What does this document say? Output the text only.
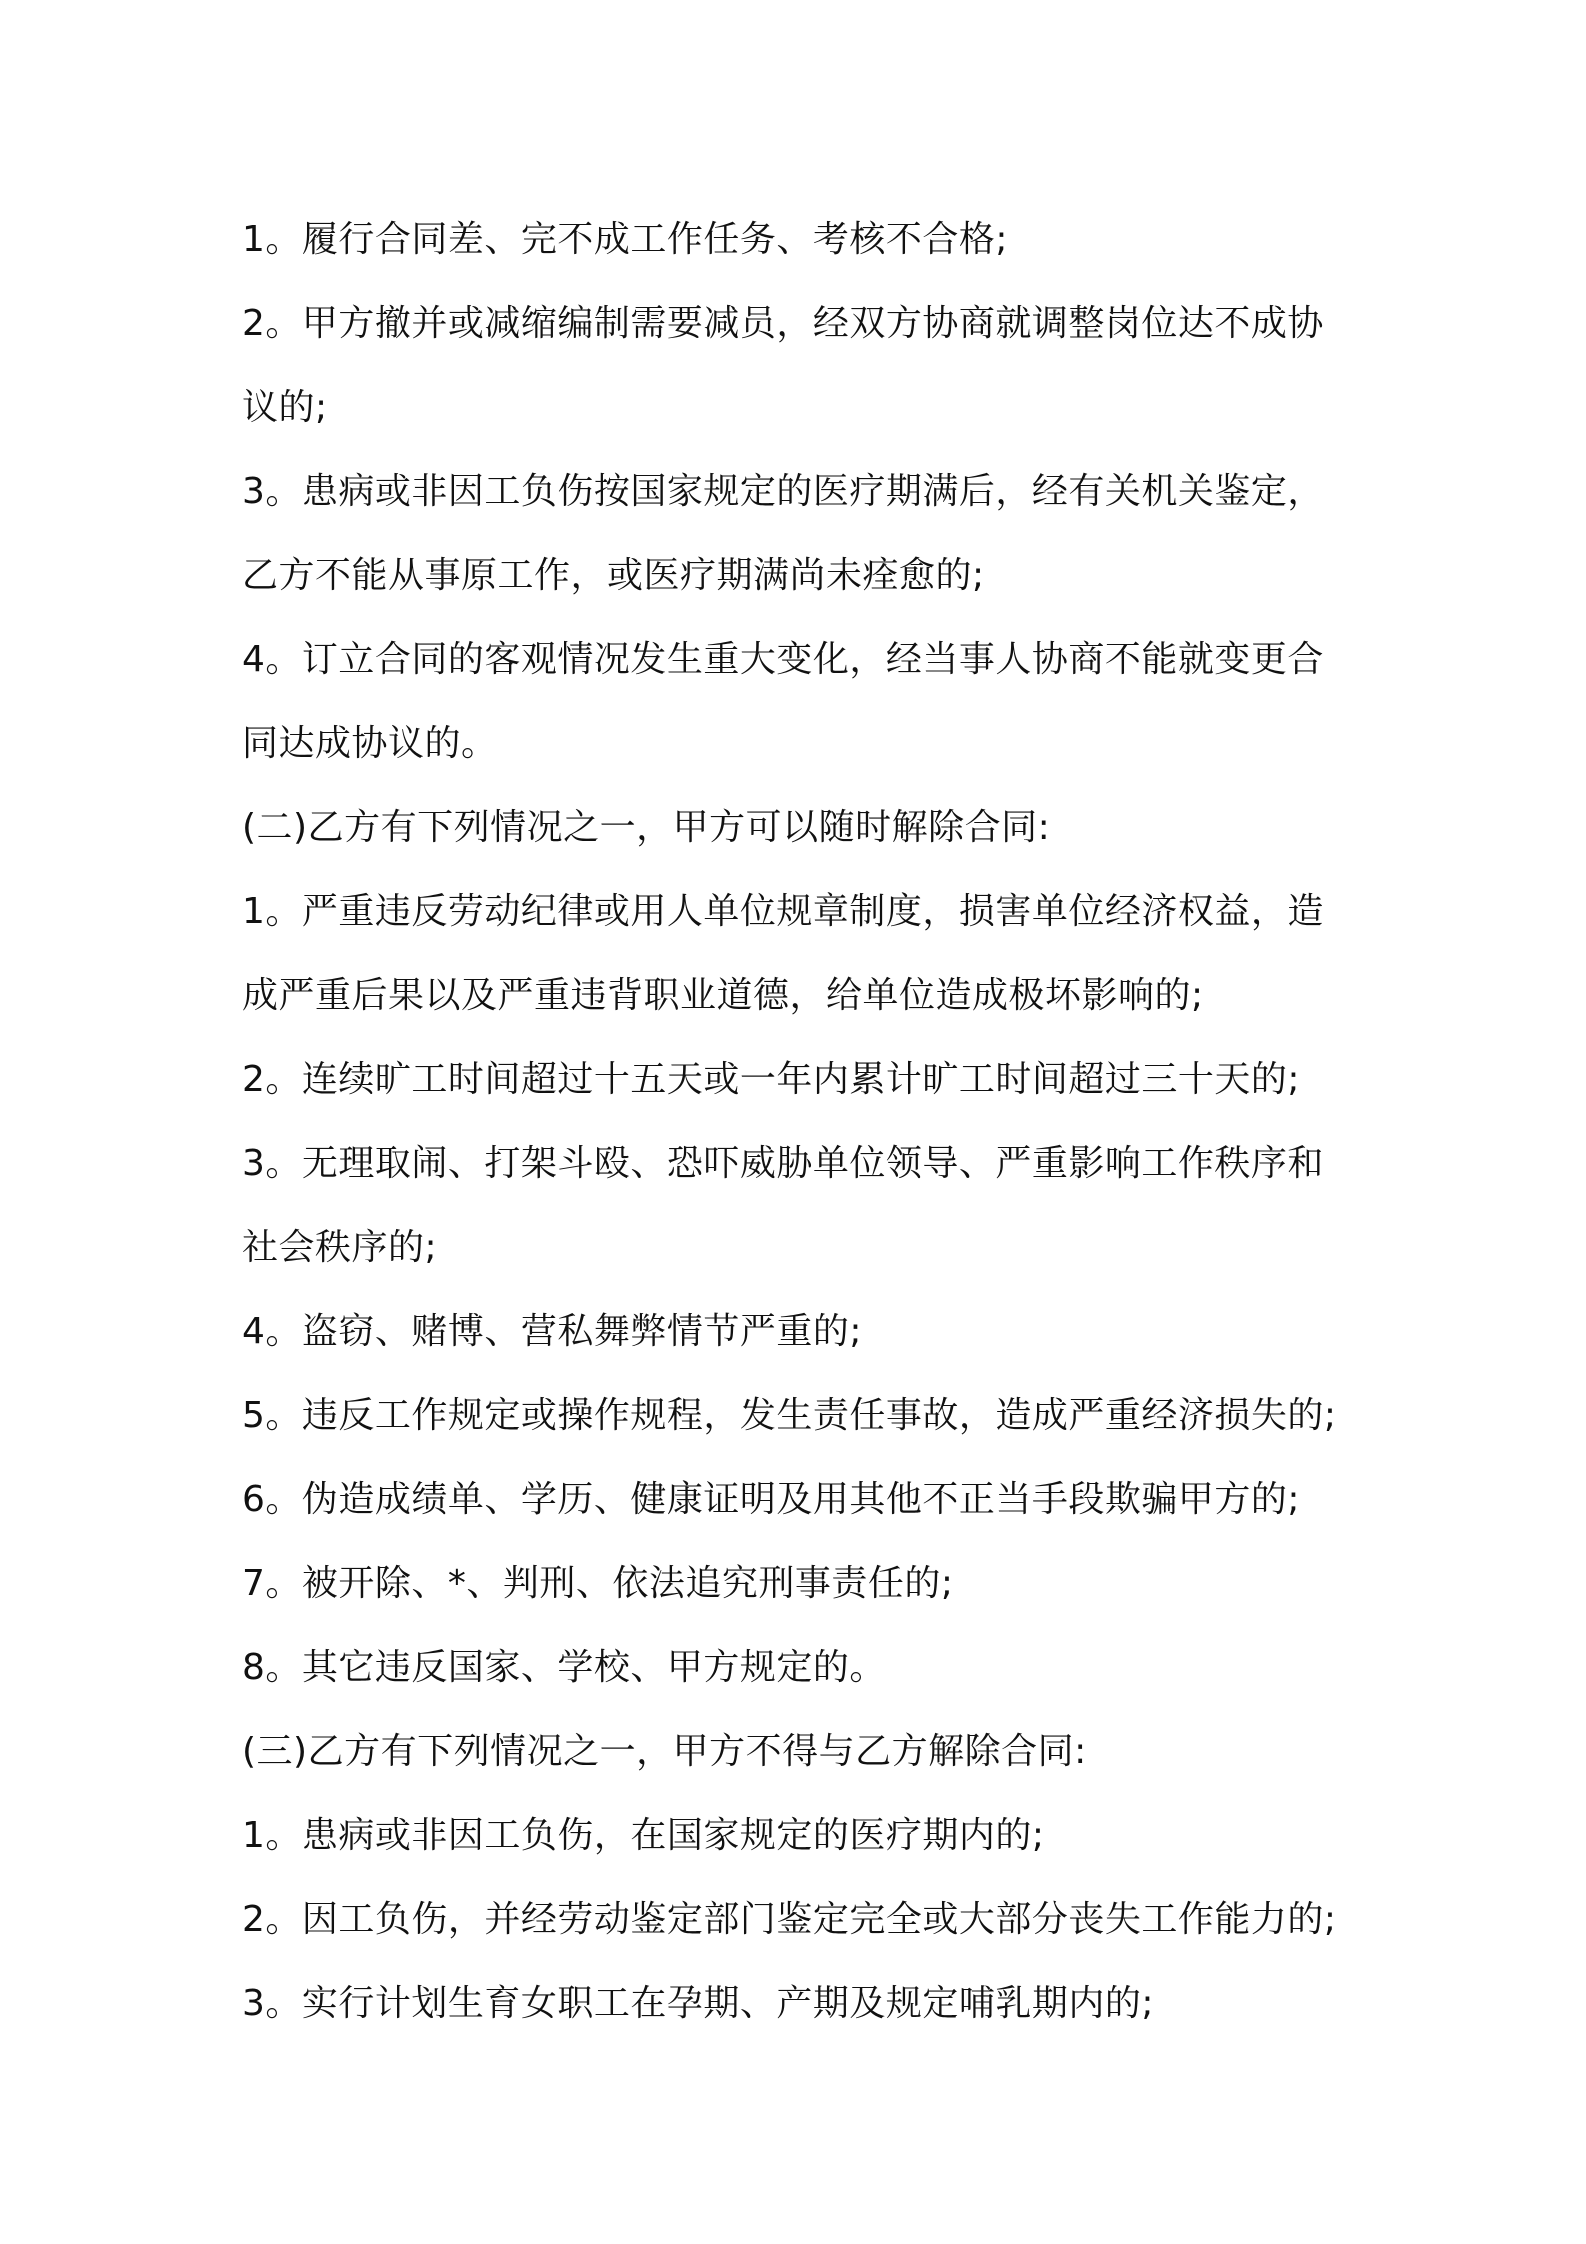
1。履行合同差、完不成工作任务、考核不合格;
2。甲方撤并或减缩编制需要减员，经双方协商就调整岗位达不成协
议的;
3。患病或非因工负伤按国家规定的医疗期满后，经有关机关鉴定，
乙方不能从事原工作，或医疗期满尚未痊愈的;
4。订立合同的客观情况发生重大变化，经当事人协商不能就变更合
同达成协议的。
(二)乙方有下列情况之一，甲方可以随时解除合同:
1。严重违反劳动纪律或用人单位规章制度，损害单位经济权益，造
成严重后果以及严重违背职业道德，给单位造成极坏影响的;
2。连续旷工时间超过十五天或一年内累计旷工时间超过三十天的;
3。无理取闹、打架斗殴、恐吓威胁单位领导、严重影响工作秩序和
社会秩序的;
4。盗窃、赌博、营私舞弊情节严重的;
5。违反工作规定或操作规程，发生责任事故，造成严重经济损失的;
6。伪造成绩单、学历、健康证明及用其他不正当手段欺骗甲方的;
7。被开除、*、判刑、依法追究刑事责任的;
8。其它违反国家、学校、甲方规定的。
(三)乙方有下列情况之一，甲方不得与乙方解除合同:
1。患病或非因工负伤，在国家规定的医疗期内的;
2。因工负伤，并经劳动鉴定部门鉴定完全或大部分丧失工作能力的;
3。实行计划生育女职工在孕期、产期及规定哺乳期内的;
